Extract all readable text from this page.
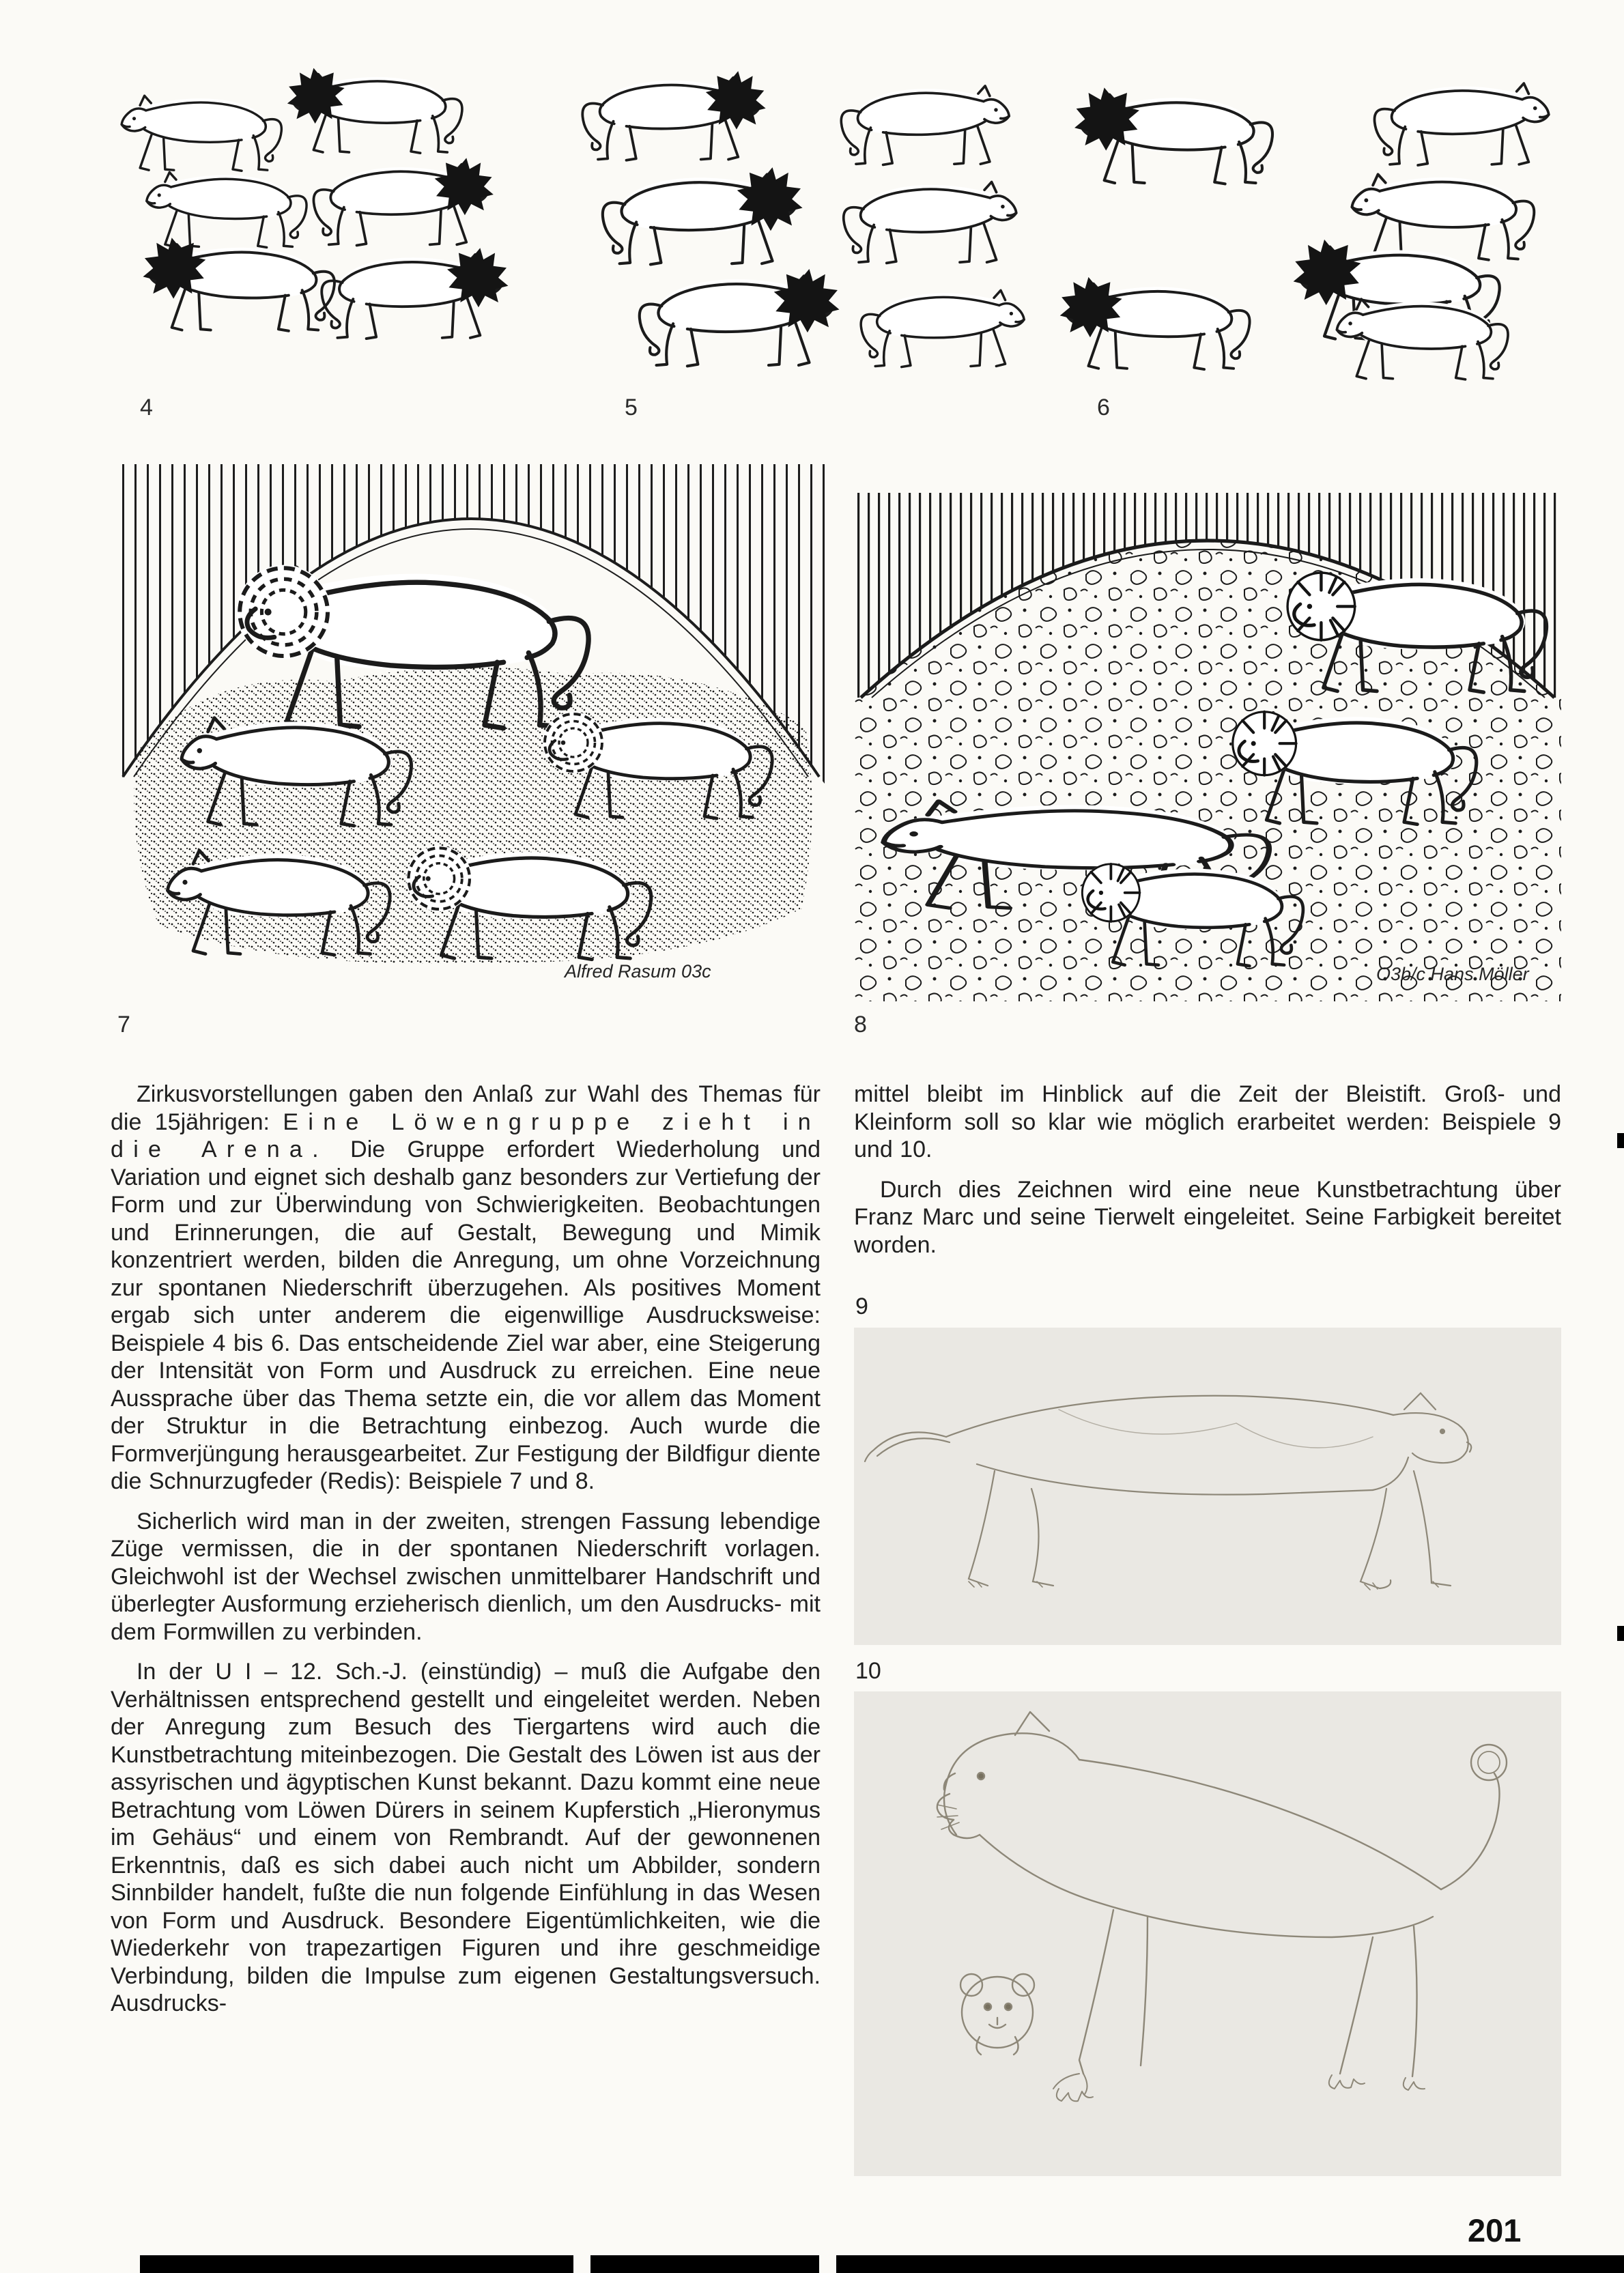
4	5	6
Alfred Rasum 03c	O3b/c Hans Möller
7	8

Zirkusvorstellungen gaben den Anlaß zur Wahl des Themas für die 15jährigen: Eine Löwengruppe zieht in die Arena. Die Gruppe erfordert Wiederholung und Variation und eignet sich deshalb ganz besonders zur Vertiefung der Form und zur Überwindung von Schwierigkeiten. Beobachtungen und Erinnerungen, die auf Gestalt, Bewegung und Mimik konzentriert werden, bilden die Anregung, um ohne Vorzeichnung zur spontanen Niederschrift überzugehen. Als positives Moment ergab sich unter anderem die eigenwillige Ausdrucksweise: Beispiele 4 bis 6. Das entscheidende Ziel war aber, eine Steigerung der Intensität von Form und Ausdruck zu erreichen. Eine neue Aussprache über das Thema setzte ein, die vor allem das Moment der Struktur in die Betrachtung einbezog. Auch wurde die Formverjüngung herausgearbeitet. Zur Festigung der Bildfigur diente die Schnurzugfeder (Redis): Beispiele 7 und 8.

Sicherlich wird man in der zweiten, strengen Fassung lebendige Züge vermissen, die in der spontanen Niederschrift vorlagen. Gleichwohl ist der Wechsel zwischen unmittelbarer Handschrift und überlegter Ausformung erzieherisch dienlich, um den Ausdrucks- mit dem Formwillen zu verbinden.

In der U I – 12. Sch.-J. (einstündig) – muß die Aufgabe den Verhältnissen entsprechend gestellt und eingeleitet werden. Neben der Anregung zum Besuch des Tiergartens wird auch die Kunstbetrachtung miteinbezogen. Die Gestalt des Löwen ist aus der assyrischen und ägyptischen Kunst bekannt. Dazu kommt eine neue Betrachtung vom Löwen Dürers in seinem Kupferstich „Hieronymus im Gehäus“ und einem von Rembrandt. Auf der gewonnenen Erkenntnis, daß es sich dabei auch nicht um Abbilder, sondern Sinnbilder handelt, fußte die nun folgende Einfühlung in das Wesen von Form und Ausdruck. Besondere Eigentümlichkeiten, wie die Wiederkehr von trapezartigen Figuren und ihre geschmeidige Verbindung, bilden die Impulse zum eigenen Gestaltungsversuch. Ausdrucks-

mittel bleibt im Hinblick auf die Zeit der Bleistift. Groß- und Kleinform soll so klar wie möglich erarbeitet werden: Beispiele 9 und 10.

Durch dies Zeichnen wird eine neue Kunstbetrachtung über Franz Marc und seine Tierwelt eingeleitet. Seine Farbigkeit bereitet worden.

9

10

201
